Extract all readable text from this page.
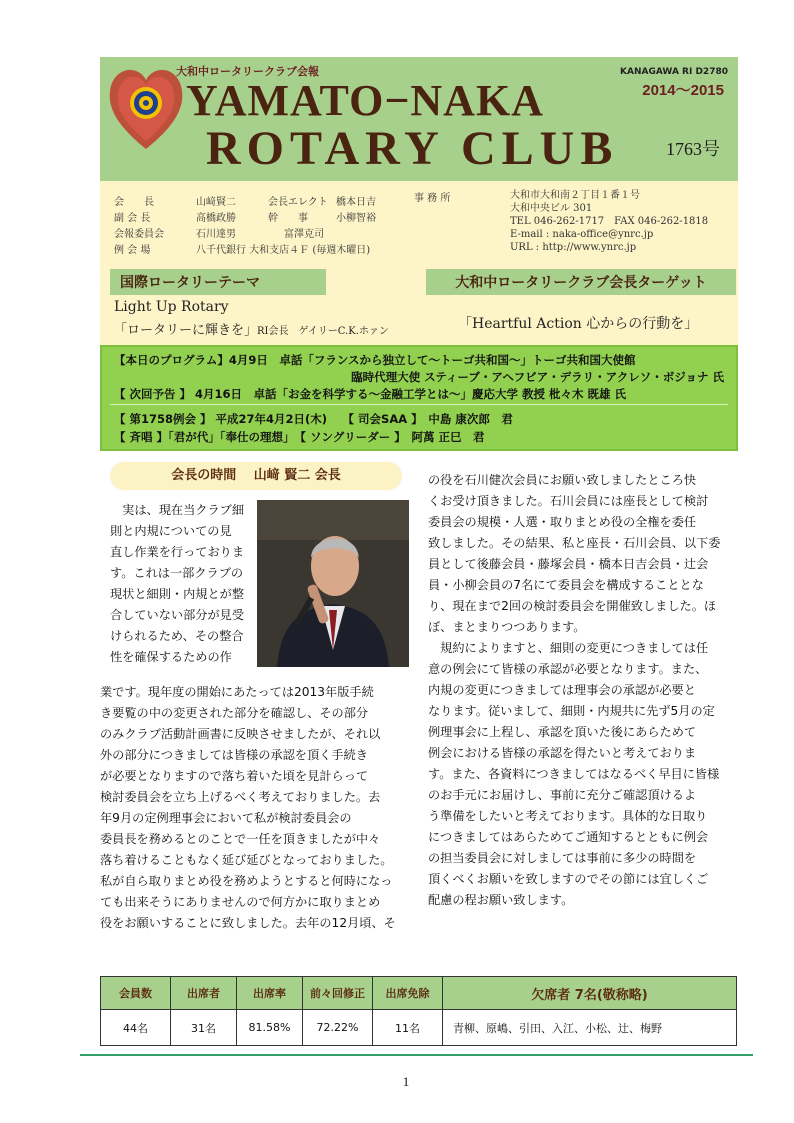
大和中ロータリークラブ会報	KANAGAWA RI D2780
2014～2015
YAMATO−NAKA
ROTARY CLUB	1763号
会　　長	山﨑賢二	会長エレクト 橋本日吉
副 会 長	高橋政勝	幹　　事	小柳智裕
会報委員会	石川達男	富澤克司
例 会 場	八千代銀行 大和支店４Ｆ (毎週木曜日)
事 務 所	大和市大和南２丁目１番１号
大和中央ビル 301
TEL 046-262-1717　FAX 046-262-1818
E-mail : naka-office@ynrc.jp
URL : http://www.ynrc.jp
国際ロータリーテーマ	大和中ロータリークラブ会長ターゲット
Light Up Rotary
「ロータリーに輝きを」RI会長　ゲイリーC.K.ホァン	「Heartful Action 心からの行動を」
【本日のプログラム】4月9日　卓話「フランスから独立して～トーゴ共和国～」トーゴ共和国大使館
臨時代理大使 スティーブ・アヘフビア・デラリ・アクレソ・ボジョナ 氏
【 次回予告 】 4月16日　卓話「お金を科学する～金融工学とは～」慶応大学 教授 枇々木 既雄 氏
【 第1758例会 】 平成27年4月2日(木)　 【 司会SAA 】　中島 康次郎　君
【 斉唱 】「君が代」「奉仕の理想」　【 ソングリーダー 】　阿萬 正巳　君
会長の時間　 山﨑 賢二 会長
　実は、現在当クラブ細
則と内規についての見
直し作業を行っておりま
す。これは一部クラブの
現状と細則・内規とが整
合していない部分が見受
けられるため、その整合
性を確保するための作
業です。現年度の開始にあたっては2013年版手続
き要覧の中の変更された部分を確認し、その部分
のみクラブ活動計画書に反映させましたが、それ以
外の部分につきましては皆様の承認を頂く手続き
が必要となりますので落ち着いた頃を見計らって
検討委員会を立ち上げるべく考えておりました。去
年9月の定例理事会において私が検討委員会の
委員長を務めるとのことで一任を頂きましたが中々
落ち着けることもなく延び延びとなっておりました。
私が自ら取りまとめ役を務めようとすると何時になっ
ても出来そうにありませんので何方かに取りまとめ
役をお願いすることに致しました。去年の12月頃、そ
の役を石川健次会員にお願い致しましたところ快
くお受け頂きました。石川会員には座長として検討
委員会の規模・人選・取りまとめ役の全権を委任
致しました。その結果、私と座長・石川会員、以下委
員として後藤会員・藤塚会員・橋本日吉会員・辻会
員・小柳会員の7名にて委員会を構成することとな
り、現在まで2回の検討委員会を開催致しました。ほ
ぼ、まとまりつつあります。
　規約によりますと、細則の変更につきましては任
意の例会にて皆様の承認が必要となります。また、
内規の変更につきましては理事会の承認が必要と
なります。従いまして、細則・内規共に先ず5月の定
例理事会に上程し、承認を頂いた後にあらためて
例会における皆様の承認を得たいと考えておりま
す。また、各資料につきましてはなるべく早目に皆様
のお手元にお届けし、事前に充分ご確認頂けるよ
う準備をしたいと考えております。具体的な日取り
につきましてはあらためてご通知するとともに例会
の担当委員会に対しましては事前に多少の時間を
頂くべくお願いを致しますのでその節には宜しくご
配慮の程お願い致します。
会員数	出席者	出席率	前々回修正	出席免除	欠席者 7名(敬称略)
44名	31名	81.58%	72.22%	11名	青柳、原嶋、引田、入江、小松、辻、梅野
1
